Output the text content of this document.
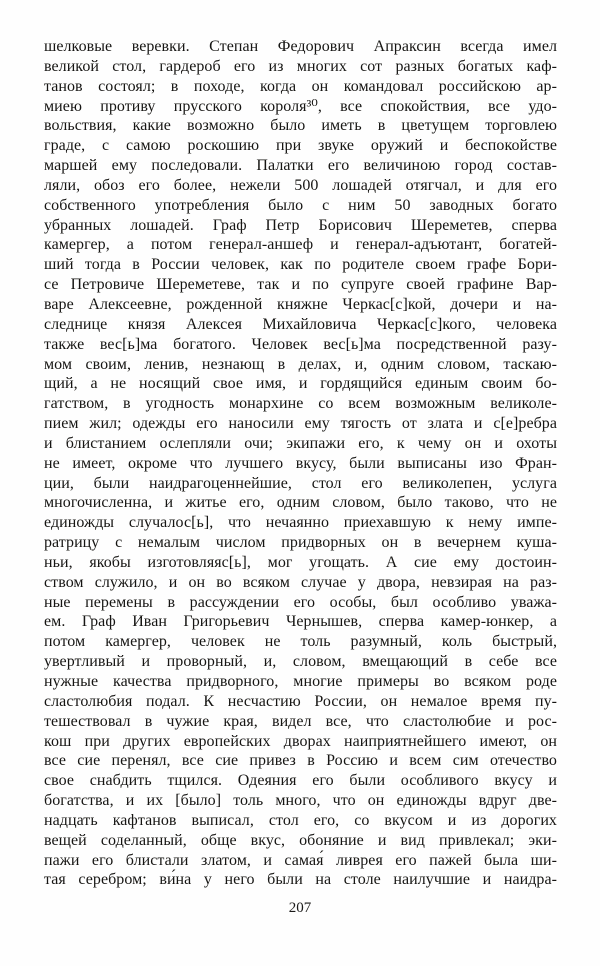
шелковые веревки. Степан Федорович Апраксин всегда имел
великой стол, гардероб его из многих сот разных богатых каф-
танов состоял; в походе, когда он командовал российскою ар-
миею противу прусского короля³⁰, все спокойствия, все удо-
вольствия, какие возможно было иметь в цветущем торговлею
граде, с самою роскошию при звуке оружий и беспокойстве
маршей ему последовали. Палатки его величиною город состав-
ляли, обоз его более, нежели 500 лошадей отягчал, и для его
собственного употребления было с ним 50 заводных богато
убранных лошадей. Граф Петр Борисович Шереметев, сперва
камергер, а потом генерал-аншеф и генерал-адъютант, богатей-
ший тогда в России человек, как по родителе своем графе Бори-
се Петровиче Шереметеве, так и по супруге своей графине Вар-
варе Алексеевне, рожденной княжне Черкас[с]кой, дочери и на-
следнице князя Алексея Михайловича Черкас[с]кого, человека
также вес[ь]ма богатого. Человек вес[ь]ма посредственной разу-
мом своим, ленив, незнающ в делах, и, одним словом, таскаю-
щий, а не носящий свое имя, и гордящийся единым своим бо-
гатством, в угодность монархине со всем возможным великоле-
пием жил; одежды его наносили ему тягость от злата и с[е]ребра
и блистанием ослепляли очи; экипажи его, к чему он и охоты
не имеет, окроме что лучшего вкусу, были выписаны изо Фран-
ции, были наидрагоценнейшие, стол его великолепен, услуга
многочисленна, и житье его, одним словом, было таково, что не
единожды случалос[ь], что нечаянно приехавшую к нему импе-
ратрицу с немалым числом придворных он в вечернем куша-
ньи, якобы изготовляяс[ь], мог угощать. А сие ему достоин-
ством служило, и он во всяком случае у двора, невзирая на раз-
ные перемены в рассуждении его особы, был особливо уважа-
ем. Граф Иван Григорьевич Чернышев, сперва камер-юнкер, а
потом камергер, человек не толь разумный, коль быстрый,
увертливый и проворный, и, словом, вмещающий в себе все
нужные качества придворного, многие примеры во всяком роде
сластолюбия подал. К несчастию России, он немалое время пу-
тешествовал в чужие края, видел все, что сластолюбие и рос-
кош при других европейских дворах наиприятнейшего имеют, он
все сие перенял, все сие привез в Россию и всем сим отечество
свое снабдить тщился. Одеяния его были особливого вкусу и
богатства, и их [было] толь много, что он единожды вдруг две-
надцать кафтанов выписал, стол его, со вкусом и из дорогих
вещей соделанный, обще вкус, обоняние и вид привлекал; эки-
пажи его блистали златом, и самая́ ливрея его пажей была ши-
тая серебром; ви́на у него были на столе наилучшие и наидра-
207
